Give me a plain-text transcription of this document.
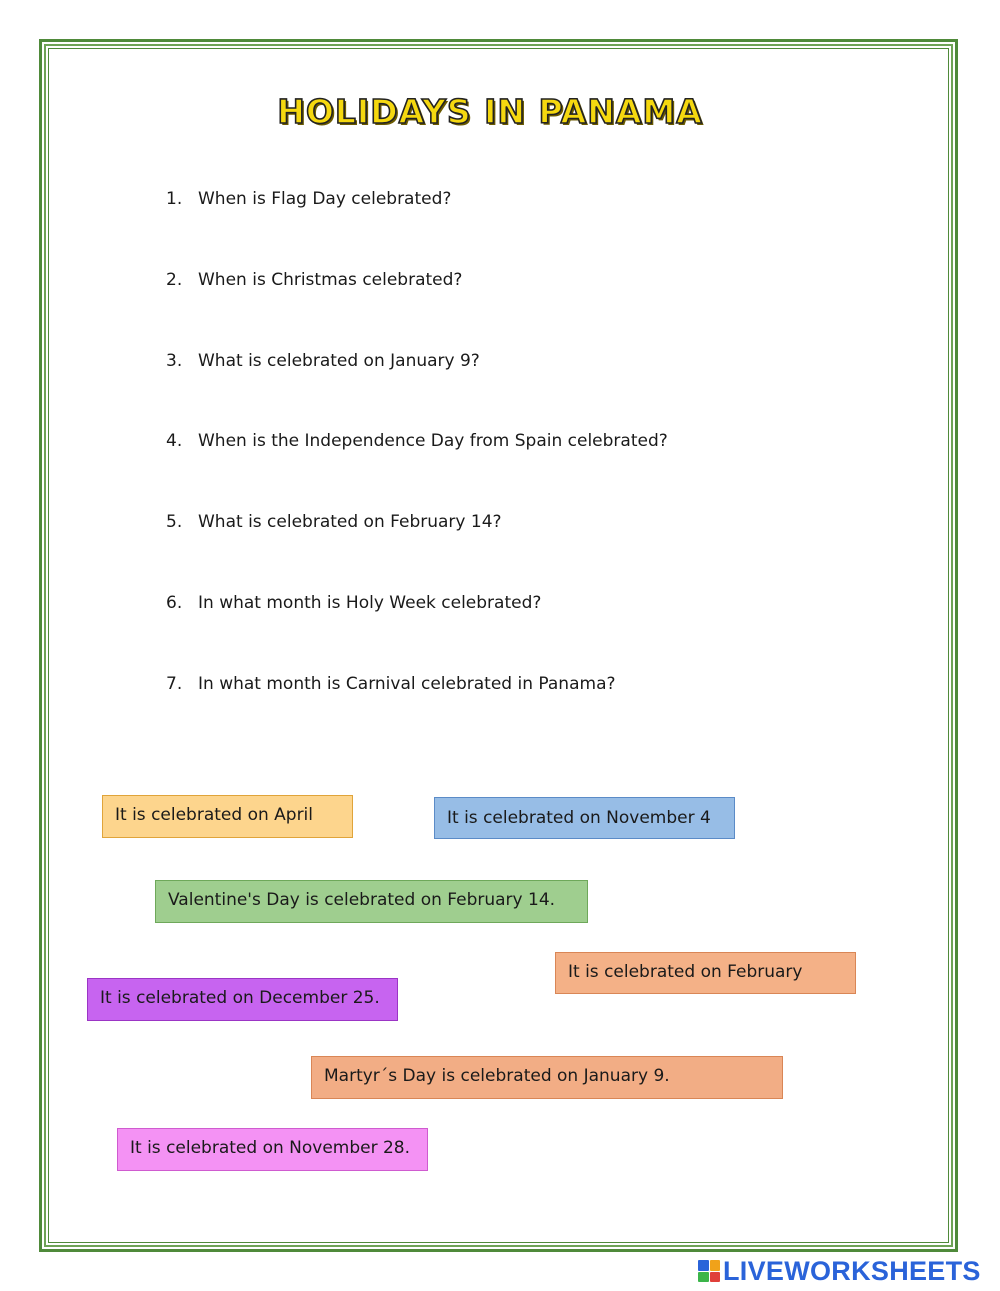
HOLIDAYS IN PANAMA
1. When is Flag Day celebrated?
2. When is Christmas celebrated?
3. What is celebrated on January 9?
4. When is the Independence Day from Spain celebrated?
5. What is celebrated on February 14?
6. In what month is Holy Week celebrated?
7. In what month is Carnival celebrated in Panama?
It is celebrated on April	It is celebrated on November 4
Valentine's Day is celebrated on February 14.
It is celebrated on February
It is celebrated on December 25.
Martyr´s Day is celebrated on January 9.
It is celebrated on November 28.
LIVEWORKSHEETS
